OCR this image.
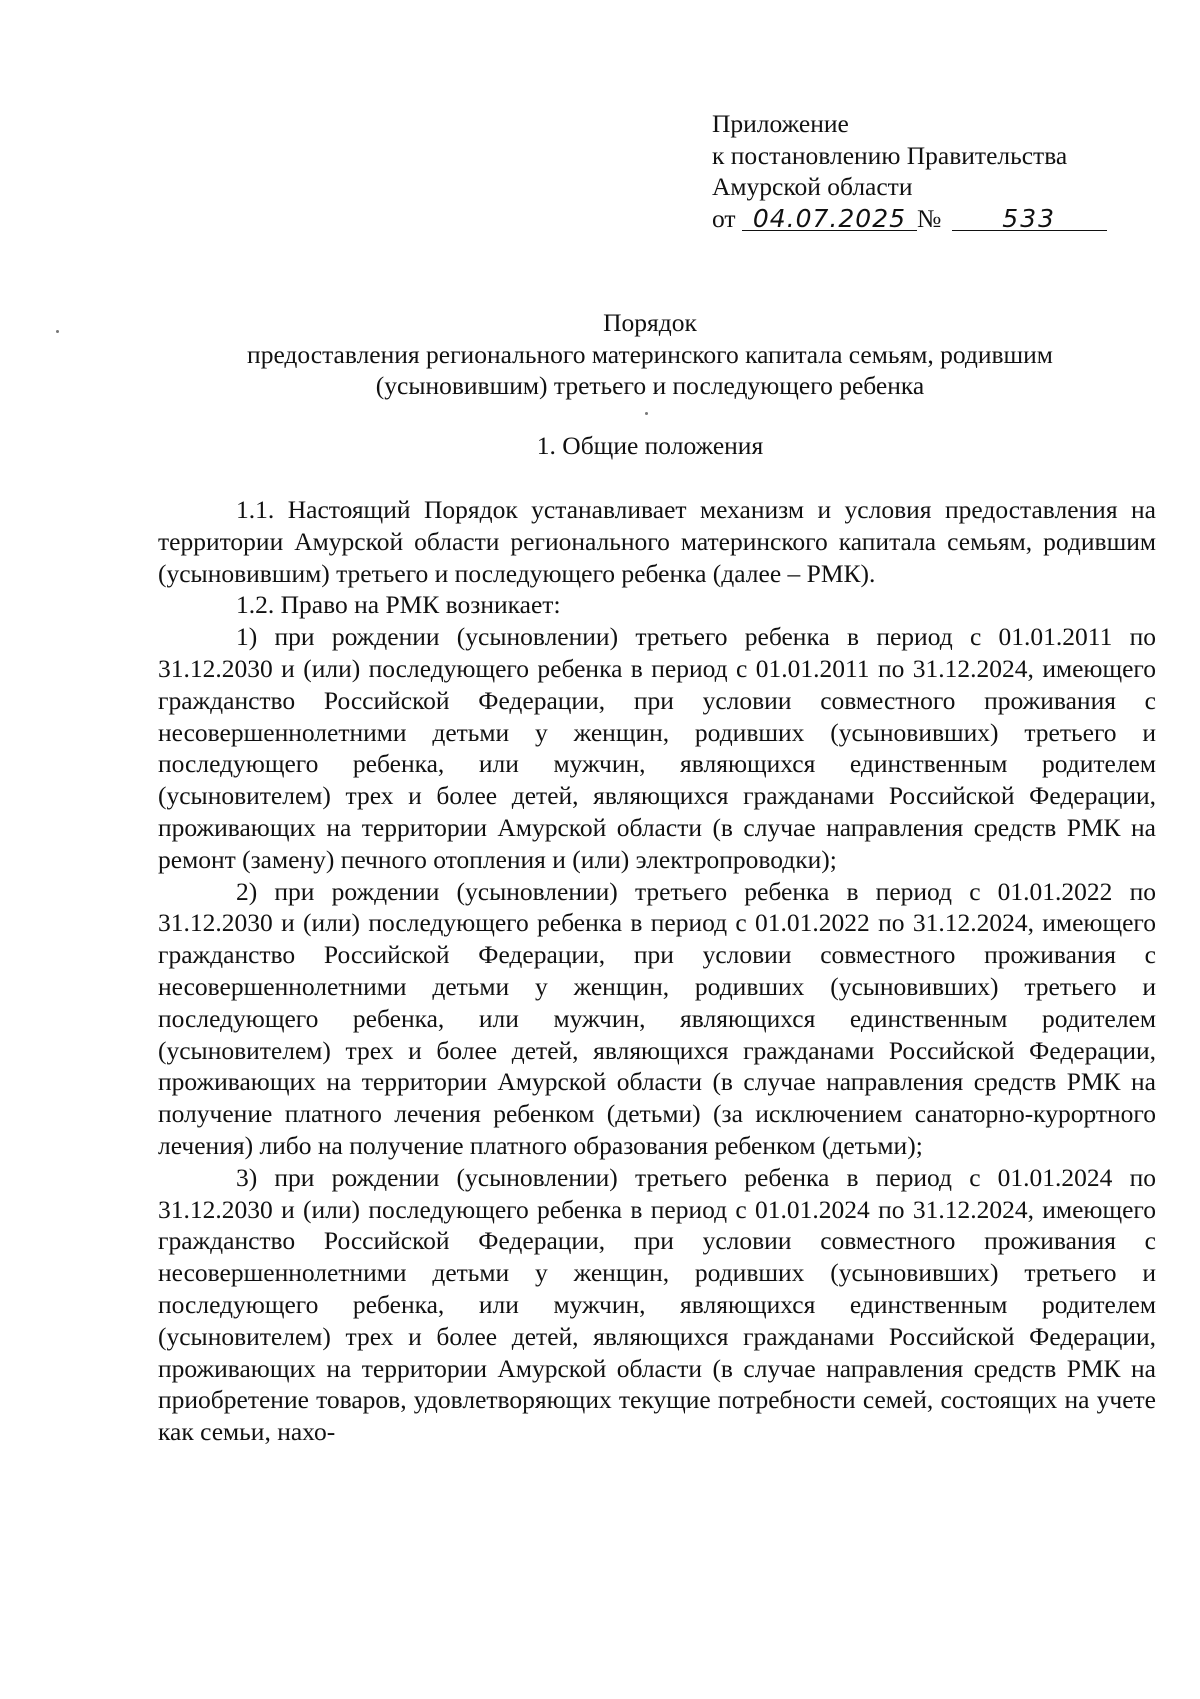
Приложение
к постановлению Правительства
Амурской области
от 04.07.2025 № 533
Порядок
предоставления регионального материнского капитала семьям, родившим
(усыновившим) третьего и последующего ребенка
1. Общие положения

1.1. Настоящий Порядок устанавливает механизм и условия предоставления на территории Амурской области регионального материнского капитала семьям, родившим (усыновившим) третьего и последующего ребенка (далее – РМК).

1.2. Право на РМК возникает:

1) при рождении (усыновлении) третьего ребенка в период с 01.01.2011 по 31.12.2030 и (или) последующего ребенка в период с 01.01.2011 по 31.12.2024, имеющего гражданство Российской Федерации, при условии совместного проживания с несовершеннолетними детьми у женщин, родивших (усыновивших) третьего и последующего ребенка, или мужчин, являющихся единственным родителем (усыновителем) трех и более детей, являющихся гражданами Российской Федерации, проживающих на территории Амурской области (в случае направления средств РМК на ремонт (замену) печного отопления и (или) электропроводки);

2) при рождении (усыновлении) третьего ребенка в период с 01.01.2022 по 31.12.2030 и (или) последующего ребенка в период с 01.01.2022 по 31.12.2024, имеющего гражданство Российской Федерации, при условии совместного проживания с несовершеннолетними детьми у женщин, родивших (усыновивших) третьего и последующего ребенка, или мужчин, являющихся единственным родителем (усыновителем) трех и более детей, являющихся гражданами Российской Федерации, проживающих на территории Амурской области (в случае направления средств РМК на получение платного лечения ребенком (детьми) (за исключением санаторно-курортного лечения) либо на получение платного образования ребенком (детьми);

3) при рождении (усыновлении) третьего ребенка в период с 01.01.2024 по 31.12.2030 и (или) последующего ребенка в период с 01.01.2024 по 31.12.2024, имеющего гражданство Российской Федерации, при условии совместного проживания с несовершеннолетними детьми у женщин, родивших (усыновивших) третьего и последующего ребенка, или мужчин, являющихся единственным родителем (усыновителем) трех и более детей, являющихся гражданами Российской Федерации, проживающих на территории Амурской области (в случае направления средств РМК на приобретение товаров, удовлетворяющих текущие потребности семей, состоящих на учете как семьи, нахо-
